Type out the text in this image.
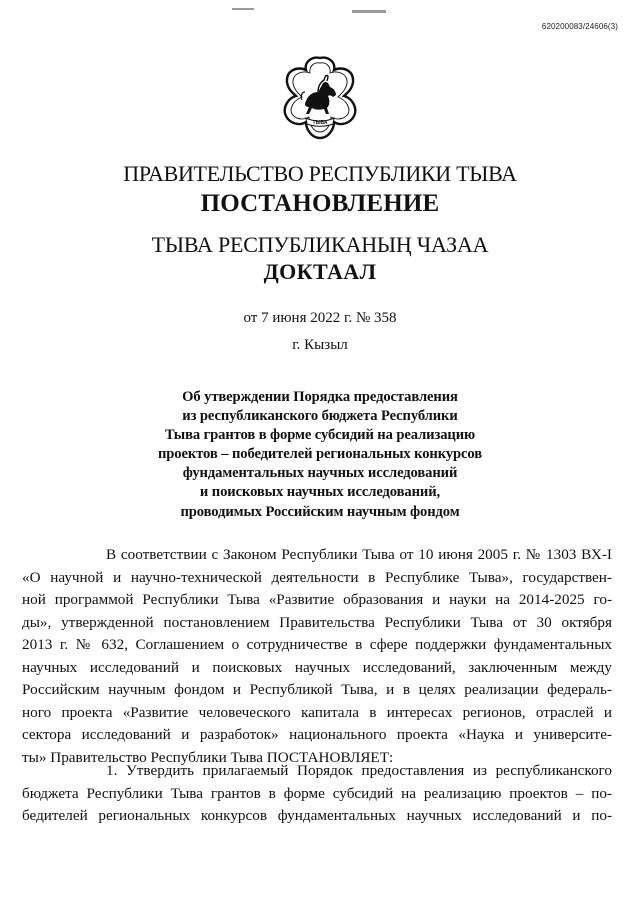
620200083/24606(3)
ТЫВА
ПРАВИТЕЛЬСТВО РЕСПУБЛИКИ ТЫВА
ПОСТАНОВЛЕНИЕ
ТЫВА РЕСПУБЛИКАНЫҢ ЧАЗАА
ДОКТААЛ
от 7 июня 2022 г. № 358
г. Кызыл
Об утверждении Порядка предоставления
из республиканского бюджета Республики
Тыва грантов в форме субсидий на реализацию
проектов – победителей региональных конкурсов
фундаментальных научных исследований
и поисковых научных исследований,
проводимых Российским научным фондом
В соответствии с Законом Республики Тыва от 10 июня 2005 г. № 1303 ВХ-I
«О научной и научно-технической деятельности в Республике Тыва», государствен-
ной программой Республики Тыва «Развитие образования и науки на 2014-2025 го-
ды», утвержденной постановлением Правительства Республики Тыва от 30 октября
2013 г. № 632, Соглашением о сотрудничестве в сфере поддержки фундаментальных
научных исследований и поисковых научных исследований, заключенным между
Российским научным фондом и Республикой Тыва, и в целях реализации федераль-
ного проекта «Развитие человеческого капитала в интересах регионов, отраслей и
сектора исследований и разработок» национального проекта «Наука и университе-
ты» Правительство Республики Тыва ПОСТАНОВЛЯЕТ:
1. Утвердить прилагаемый Порядок предоставления из республиканского
бюджета Республики Тыва грантов в форме субсидий на реализацию проектов – по-
бедителей региональных конкурсов фундаментальных научных исследований и по-
